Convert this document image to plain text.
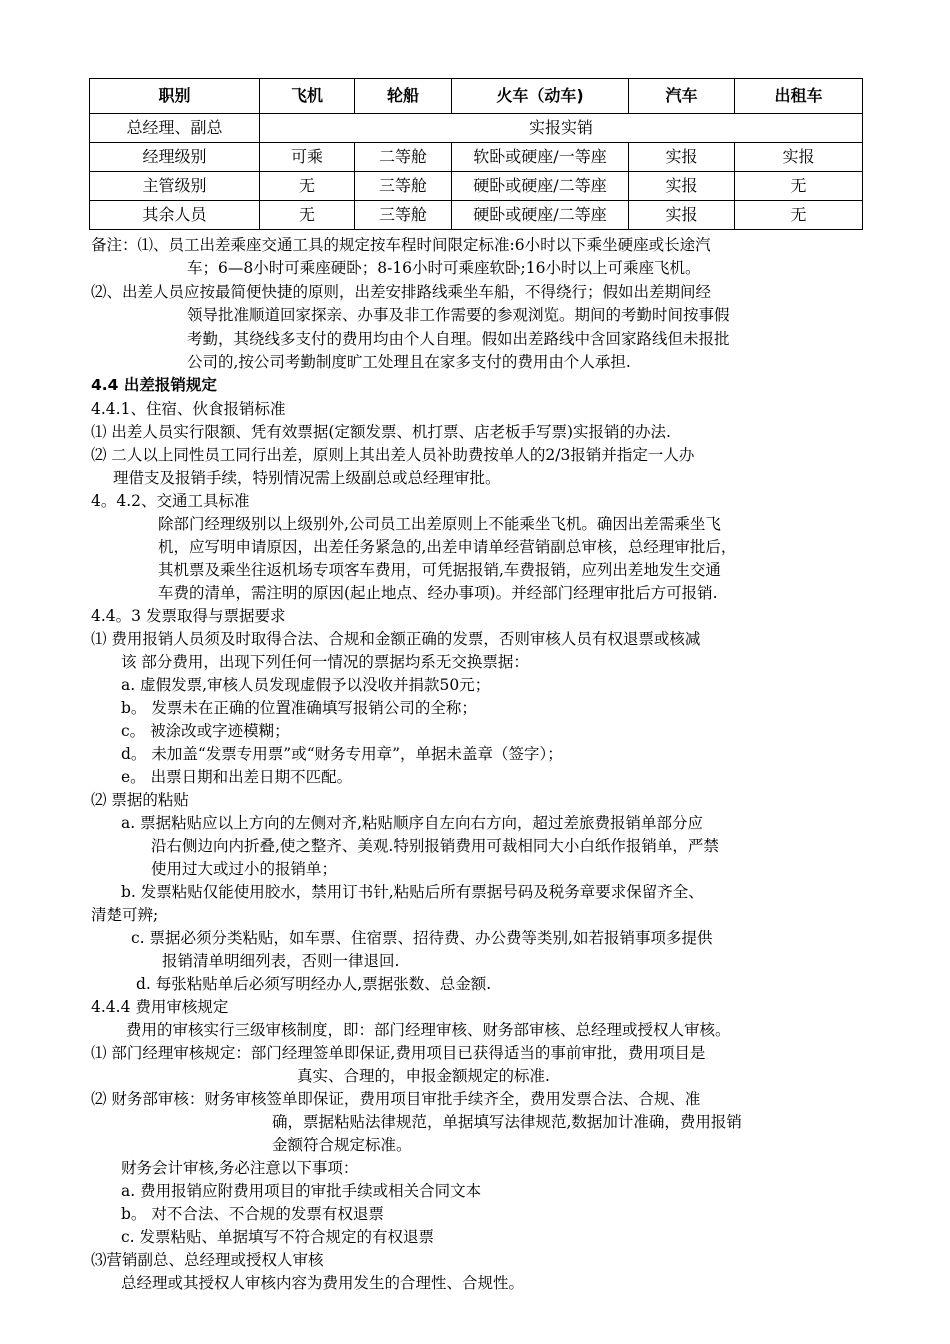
职别	飞机	轮船	火车（动车)	汽车	出租车
总经理、副总	实报实销				
经理级别	可乘	二等舱	软卧或硬座/一等座	实报	实报
主管级别	无	三等舱	硬卧或硬座/二等座	实报	无
其余人员	无	三等舱	硬卧或硬座/二等座	实报	无
备注：⑴、员工出差乘座交通工具的规定按车程时间限定标准:6小时以下乘坐硬座或长途汽
车；6—8小时可乘座硬卧；8-16小时可乘座软卧;16小时以上可乘座飞机。
⑵、出差人员应按最简便快捷的原则，出差安排路线乘坐车船，不得绕行；假如出差期间经
领导批准顺道回家探亲、办事及非工作需要的参观浏览。期间的考勤时间按事假
考勤，其绕线多支付的费用均由个人自理。假如出差路线中含回家路线但未报批
公司的,按公司考勤制度旷工处理且在家多支付的费用由个人承担.
4.4 出差报销规定
4.4.1、住宿、伙食报销标准
⑴ 出差人员实行限额、凭有效票据(定额发票、机打票、店老板手写票)实报销的办法.
⑵ 二人以上同性员工同行出差，原则上其出差人员补助费按单人的2/3报销并指定一人办
理借支及报销手续，特别情况需上级副总或总经理审批。
4。4.2、交通工具标准
除部门经理级别以上级别外,公司员工出差原则上不能乘坐飞机。确因出差需乘坐飞
机，应写明申请原因，出差任务紧急的,出差申请单经营销副总审核，总经理审批后，
其机票及乘坐往返机场专项客车费用，可凭据报销,车费报销，应列出差地发生交通
车费的清单，需注明的原因(起止地点、经办事项)。并经部门经理审批后方可报销.
4.4。3 发票取得与票据要求
⑴ 费用报销人员须及时取得合法、合规和金额正确的发票，否则审核人员有权退票或核减
该 部分费用，出现下列任何一情况的票据均系无交换票据：
a. 虚假发票,审核人员发现虚假予以没收并捐款50元；
b。 发票未在正确的位置准确填写报销公司的全称；
c。 被涂改或字迹模糊；
d。 未加盖“发票专用票”或“财务专用章”，单据未盖章（签字）；
e。 出票日期和出差日期不匹配。
⑵ 票据的粘贴
a. 票据粘贴应以上方向的左侧对齐,粘贴顺序自左向右方向，超过差旅费报销单部分应
沿右侧边向内折叠,使之整齐、美观.特别报销费用可裁相同大小白纸作报销单，严禁
使用过大或过小的报销单；
b. 发票粘贴仅能使用胶水，禁用订书针,粘贴后所有票据号码及税务章要求保留齐全、
清楚可辨;
c. 票据必须分类粘贴，如车票、住宿票、招待费、办公费等类别,如若报销事项多提供
报销清单明细列表，否则一律退回.
d. 每张粘贴单后必须写明经办人,票据张数、总金额.
4.4.4 费用审核规定
费用的审核实行三级审核制度，即：部门经理审核、财务部审核、总经理或授权人审核。
⑴ 部门经理审核规定：部门经理签单即保证,费用项目已获得适当的事前审批，费用项目是
真实、合理的，申报金额规定的标准.
⑵ 财务部审核：财务审核签单即保证，费用项目审批手续齐全，费用发票合法、合规、准
确，票据粘贴法律规范，单据填写法律规范,数据加计准确，费用报销
金额符合规定标准。
财务会计审核,务必注意以下事项：
a. 费用报销应附费用项目的审批手续或相关合同文本
b。 对不合法、不合规的发票有权退票
c. 发票粘贴、单据填写不符合规定的有权退票
⑶营销副总、总经理或授权人审核
总经理或其授权人审核内容为费用发生的合理性、合规性。
